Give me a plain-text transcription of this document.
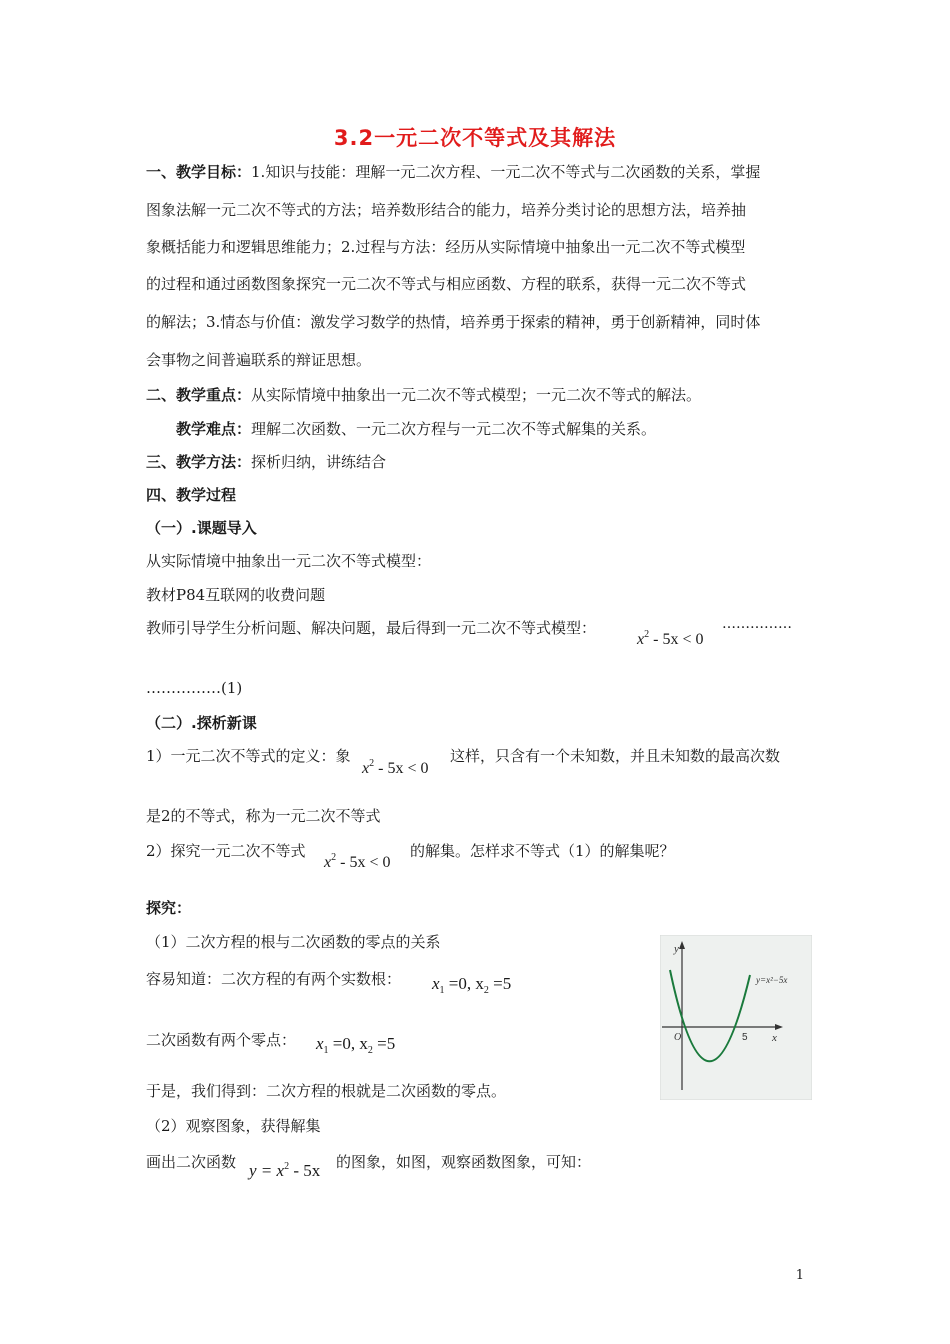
3.2一元二次不等式及其解法
一、教学目标：1.知识与技能：理解一元二次方程、一元二次不等式与二次函数的关系，掌握
图象法解一元二次不等式的方法；培养数形结合的能力，培养分类讨论的思想方法，培养抽
象概括能力和逻辑思维能力；2.过程与方法：经历从实际情境中抽象出一元二次不等式模型
的过程和通过函数图象探究一元二次不等式与相应函数、方程的联系，获得一元二次不等式
的解法；3.情态与价值：激发学习数学的热情，培养勇于探索的精神，勇于创新精神，同时体
会事物之间普遍联系的辩证思想。
二、教学重点：从实际情境中抽象出一元二次不等式模型；一元二次不等式的解法。
教学难点：理解二次函数、一元二次方程与一元二次不等式解集的关系。
三、教学方法：探析归纳，讲练结合
四、教学过程
（一）.课题导入
从实际情境中抽象出一元二次不等式模型：
教材P84互联网的收费问题
教师引导学生分析问题、解决问题，最后得到一元二次不等式模型：
$x^2 - 5x < 0$
……………
……………(1)
（二）.探析新课
1）一元二次不等式的定义：象
$x^2 - 5x < 0$
这样，只含有一个未知数，并且未知数的最高次数
是2的不等式，称为一元二次不等式
2）探究一元二次不等式
$x^2 - 5x < 0$
的解集。怎样求不等式（1）的解集呢？
探究：
（1）二次方程的根与二次函数的零点的关系
容易知道：二次方程的有两个实数根： $x_1 =0$, $x_2 =5$
二次函数有两个零点： $x_1 =0$, $x_2 =5$
于是，我们得到：二次方程的根就是二次函数的零点。
（2）观察图象，获得解集
画出二次函数 $y = x^2 - 5x$ 的图象，如图，观察函数图象，可知：
y
x
O	5
y=x²−5x
1
